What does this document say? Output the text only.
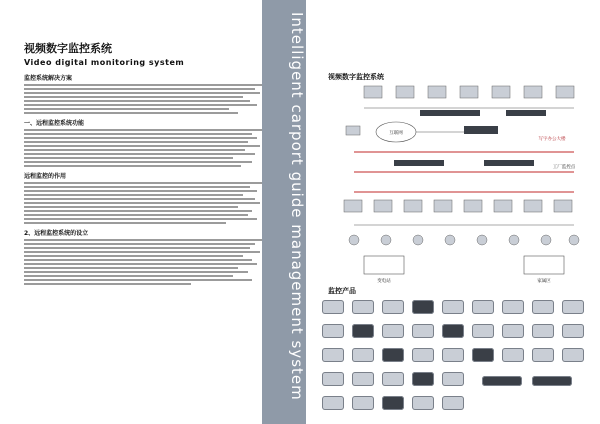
视频数字监控系统
Video digital monitoring system
监控系统解决方案
一、远程监控系统功能
远程监控的作用
2、远程监控系统的设立	Intelligent carport guide management system	视频数字监控系统
互联网
写字办公大楼
工厂监控点
变电站	家属区
监控产品
